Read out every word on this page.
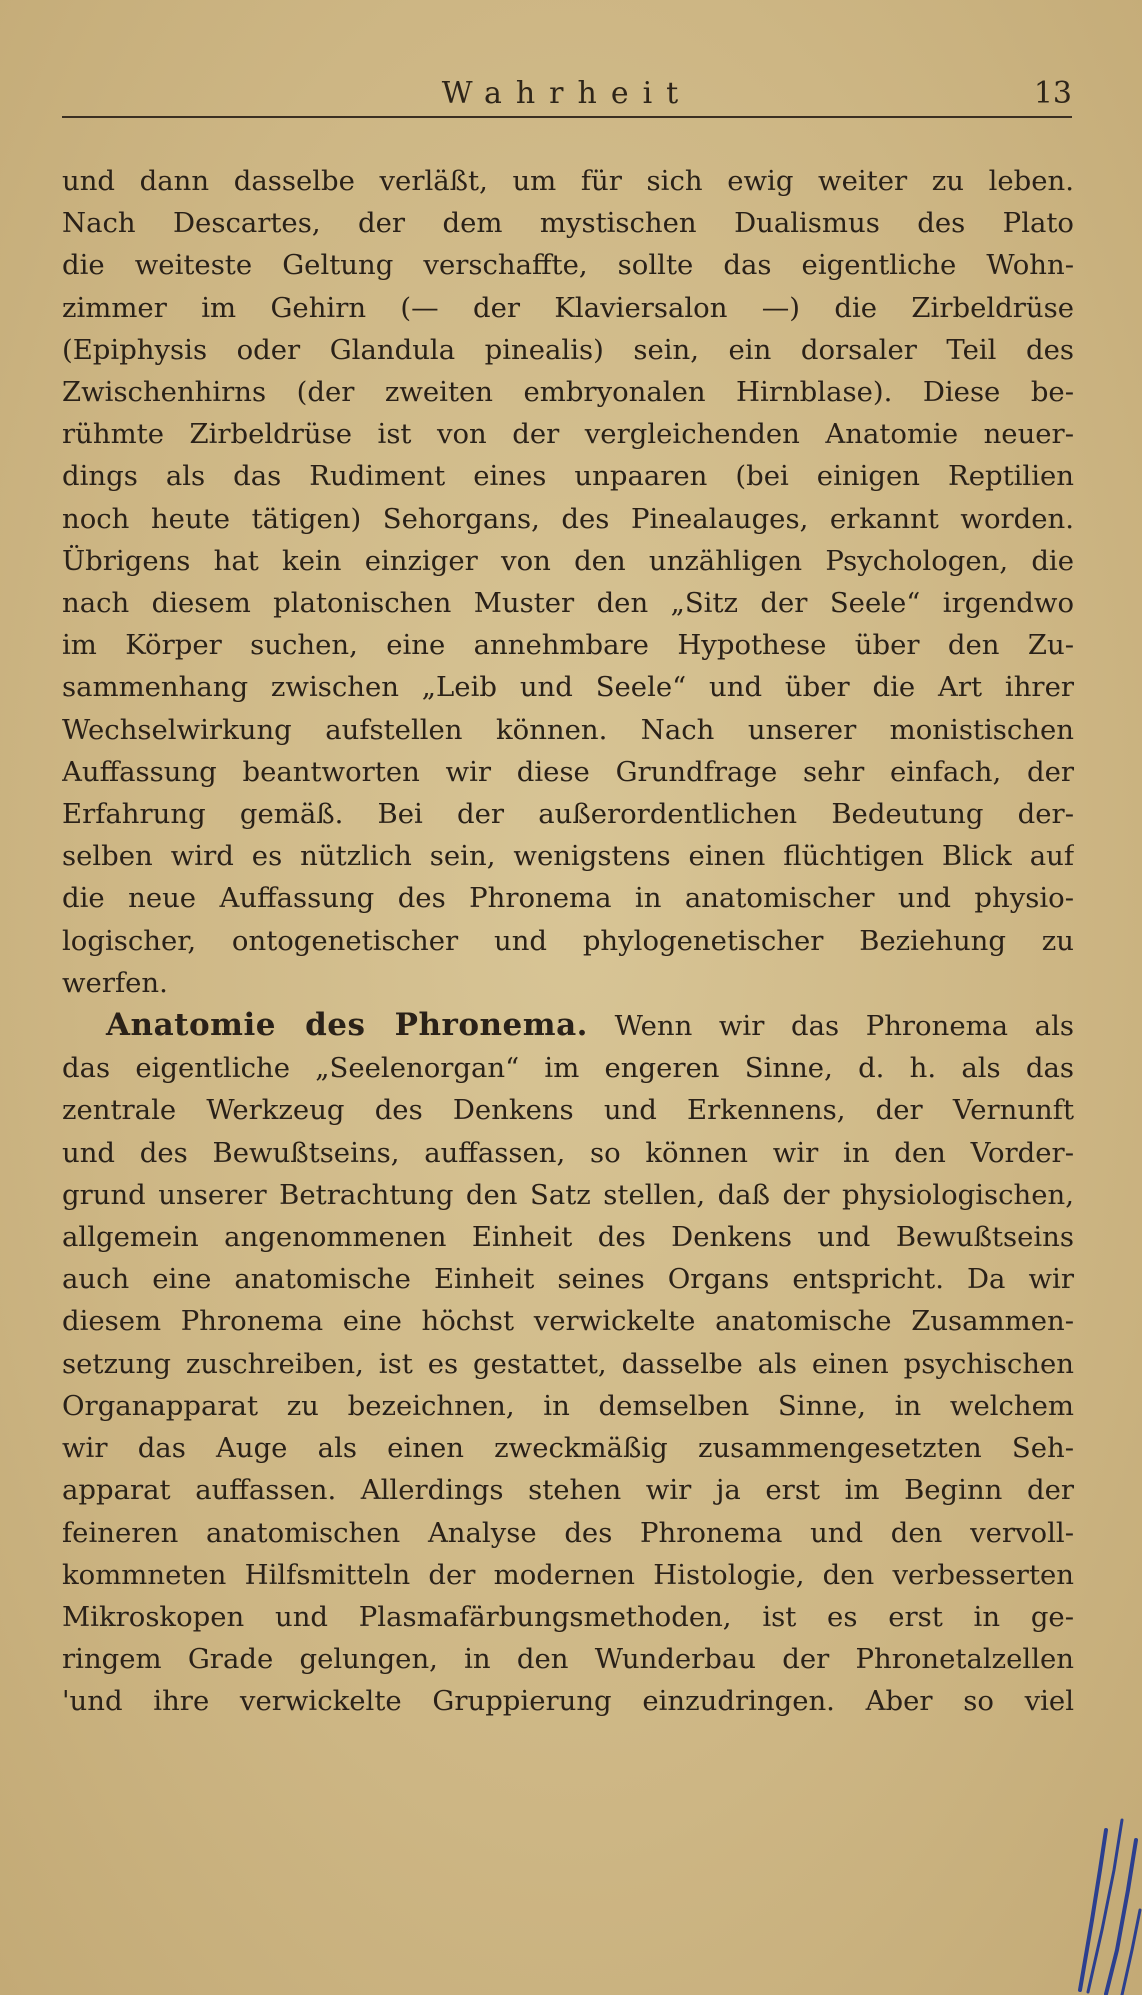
Wahrheit	13
und dann dasselbe verläßt, um für sich ewig weiter zu leben.
Nach Descartes, der dem mystischen Dualismus des Plato
die weiteste Geltung verschaffte, sollte das eigentliche Wohn-
zimmer im Gehirn (— der Klaviersalon —) die Zirbeldrüse
(Epiphysis oder Glandula pinealis) sein, ein dorsaler Teil des
Zwischenhirns (der zweiten embryonalen Hirnblase). Diese be-
rühmte Zirbeldrüse ist von der vergleichenden Anatomie neuer-
dings als das Rudiment eines unpaaren (bei einigen Reptilien
noch heute tätigen) Sehorgans, des Pinealauges, erkannt worden.
Übrigens hat kein einziger von den unzähligen Psychologen, die
nach diesem platonischen Muster den „Sitz der Seele“ irgendwo
im Körper suchen, eine annehmbare Hypothese über den Zu-
sammenhang zwischen „Leib und Seele“ und über die Art ihrer
Wechselwirkung aufstellen können. Nach unserer monistischen
Auffassung beantworten wir diese Grundfrage sehr einfach, der
Erfahrung gemäß. Bei der außerordentlichen Bedeutung der-
selben wird es nützlich sein, wenigstens einen flüchtigen Blick auf
die neue Auffassung des Phronema in anatomischer und physio-
logischer, ontogenetischer und phylogenetischer Beziehung zu
werfen.
Anatomie des Phronema. Wenn wir das Phronema als
das eigentliche „Seelenorgan“ im engeren Sinne, d. h. als das
zentrale Werkzeug des Denkens und Erkennens, der Vernunft
und des Bewußtseins, auffassen, so können wir in den Vorder-
grund unserer Betrachtung den Satz stellen, daß der physiologischen,
allgemein angenommenen Einheit des Denkens und Bewußtseins
auch eine anatomische Einheit seines Organs entspricht. Da wir
diesem Phronema eine höchst verwickelte anatomische Zusammen-
setzung zuschreiben, ist es gestattet, dasselbe als einen psychischen
Organapparat zu bezeichnen, in demselben Sinne, in welchem
wir das Auge als einen zweckmäßig zusammengesetzten Seh-
apparat auffassen. Allerdings stehen wir ja erst im Beginn der
feineren anatomischen Analyse des Phronema und den vervoll-
kommneten Hilfsmitteln der modernen Histologie, den verbesserten
Mikroskopen und Plasmafärbungsmethoden, ist es erst in ge-
ringem Grade gelungen, in den Wunderbau der Phronetalzellen
'und ihre verwickelte Gruppierung einzudringen. Aber so viel
